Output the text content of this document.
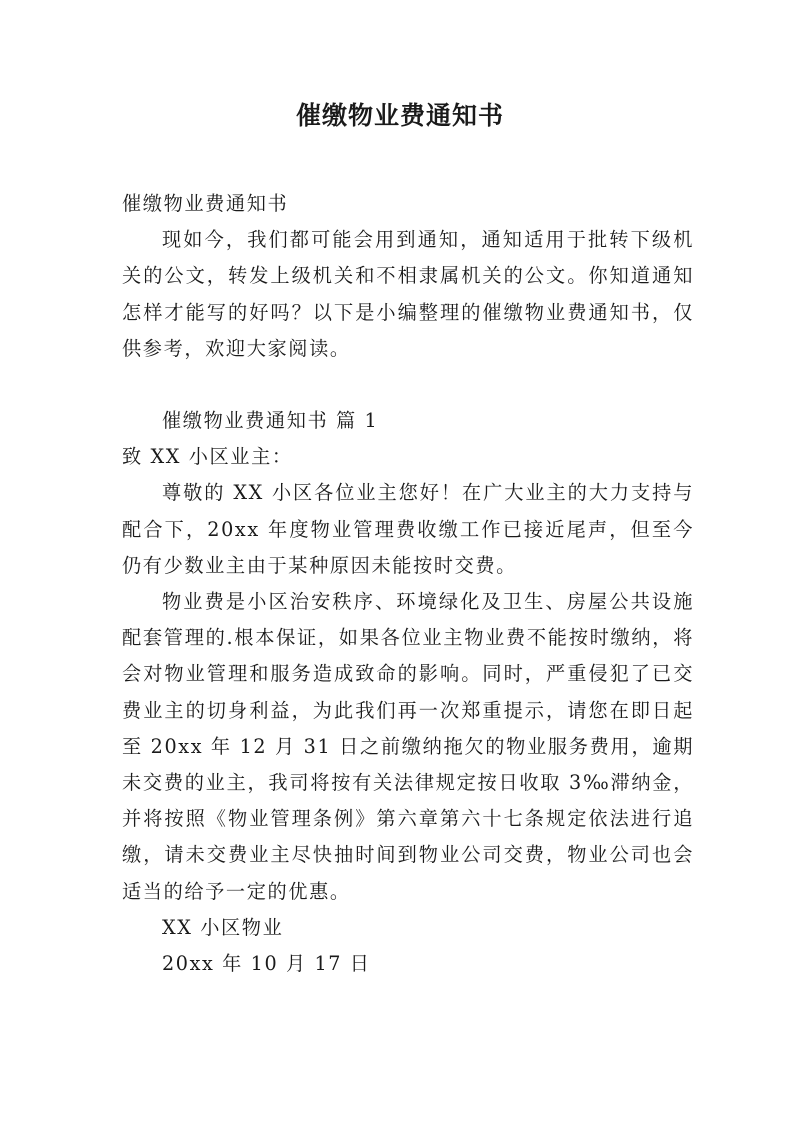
催缴物业费通知书

催缴物业费通知书

现如今，我们都可能会用到通知，通知适用于批转下级机关的公文，转发上级机关和不相隶属机关的公文。你知道通知怎样才能写的好吗？以下是小编整理的催缴物业费通知书，仅供参考，欢迎大家阅读。

催缴物业费通知书 篇 1

致 XX 小区业主：

尊敬的 XX 小区各位业主您好！在广大业主的大力支持与配合下，20xx 年度物业管理费收缴工作已接近尾声，但至今仍有少数业主由于某种原因未能按时交费。

物业费是小区治安秩序、环境绿化及卫生、房屋公共设施配套管理的.根本保证，如果各位业主物业费不能按时缴纳，将会对物业管理和服务造成致命的影响。同时，严重侵犯了已交费业主的切身利益，为此我们再一次郑重提示，请您在即日起至 20xx 年 12 月 31 日之前缴纳拖欠的物业服务费用，逾期未交费的业主，我司将按有关法律规定按日收取 3‰滞纳金，并将按照《物业管理条例》第六章第六十七条规定依法进行追缴，请未交费业主尽快抽时间到物业公司交费，物业公司也会适当的给予一定的优惠。

XX 小区物业

20xx 年 10 月 17 日
